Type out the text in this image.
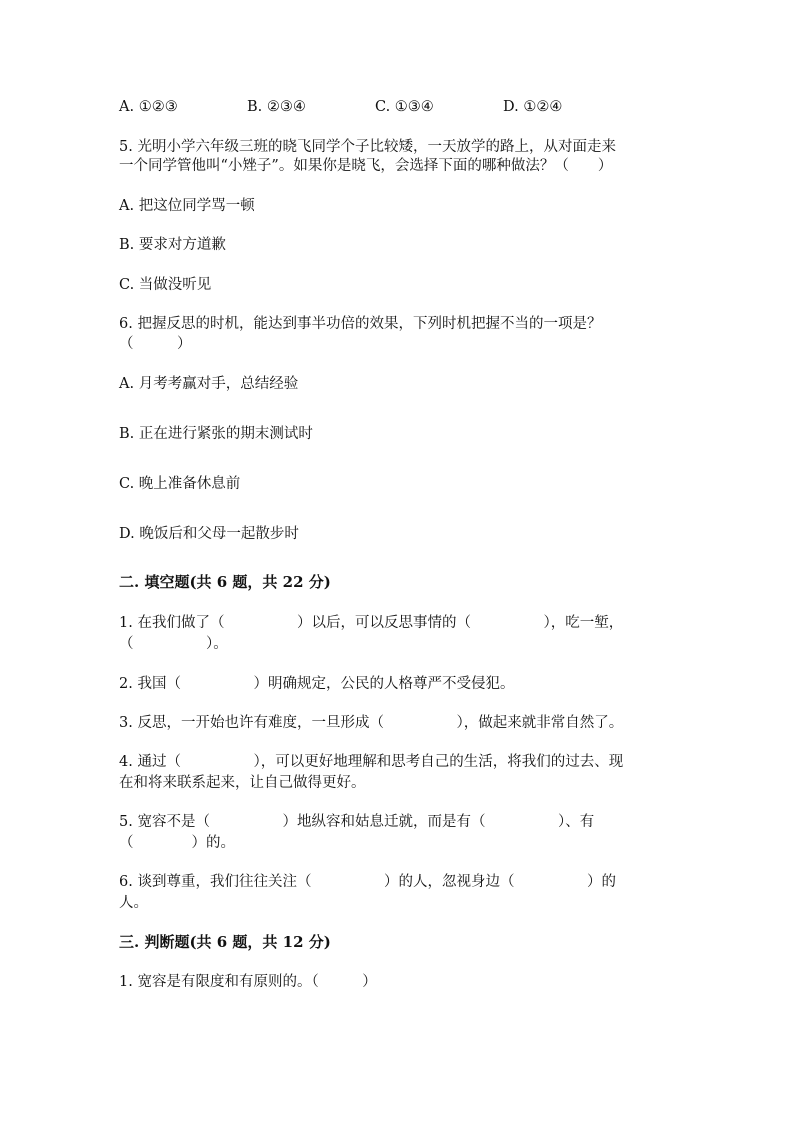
A. ①②③	B. ②③④	C. ①③④	D. ①②④
5. 光明小学六年级三班的晓飞同学个子比较矮，一天放学的路上，从对面走来
一个同学管他叫“小矬子”。如果你是晓飞，会选择下面的哪种做法？（　　）
A. 把这位同学骂一顿
B. 要求对方道歉
C. 当做没听见
6. 把握反思的时机，能达到事半功倍的效果，下列时机把握不当的一项是？
（　　　）
A. 月考考赢对手，总结经验
B. 正在进行紧张的期末测试时
C. 晚上准备休息前
D. 晚饭后和父母一起散步时
二. 填空题(共 6 题，共 22 分)
1. 在我们做了（　　　　　）以后，可以反思事情的（　　　　　），吃一堑，
（　　　　　）。
2. 我国（　　　　　）明确规定，公民的人格尊严不受侵犯。
3. 反思，一开始也许有难度，一旦形成（　　　　　），做起来就非常自然了。
4. 通过（　　　　　），可以更好地理解和思考自己的生活，将我们的过去、现
在和将来联系起来，让自己做得更好。
5. 宽容不是（　　　　　）地纵容和姑息迁就，而是有（　　　　　）、有
（　　　　）的。
6. 谈到尊重，我们往往关注（　　　　　）的人，忽视身边（　　　　　）的
人。
三. 判断题(共 6 题，共 12 分)
1. 宽容是有限度和有原则的。（　　　）
